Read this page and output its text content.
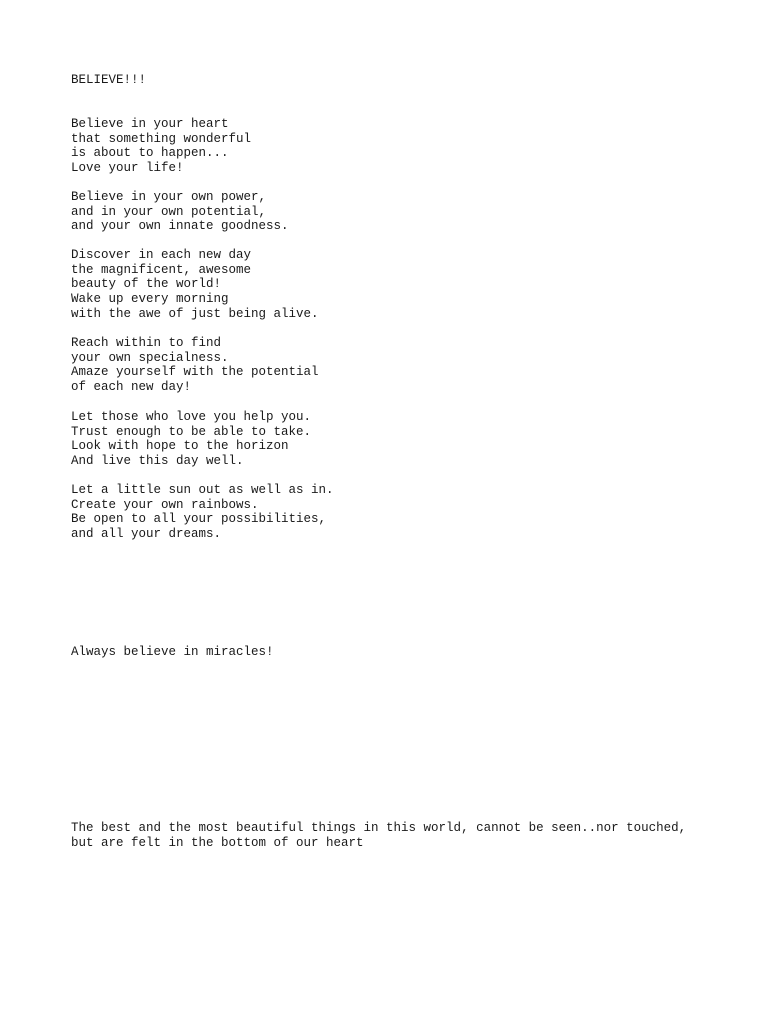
BELIEVE!!!
Believe in your heart
that something wonderful
is about to happen...
Love your life!
Believe in your own power,
and in your own potential,
and your own innate goodness.
Discover in each new day
the magnificent, awesome
beauty of the world!
Wake up every morning
with the awe of just being alive.
Reach within to find
your own specialness.
Amaze yourself with the potential
of each new day!
Let those who love you help you.
Trust enough to be able to take.
Look with hope to the horizon
And live this day well.
Let a little sun out as well as in.
Create your own rainbows.
Be open to all your possibilities,
and all your dreams.
Always believe in miracles!
The best and the most beautiful things in this world, cannot be seen..nor touched,
but are felt in the bottom of our heart
